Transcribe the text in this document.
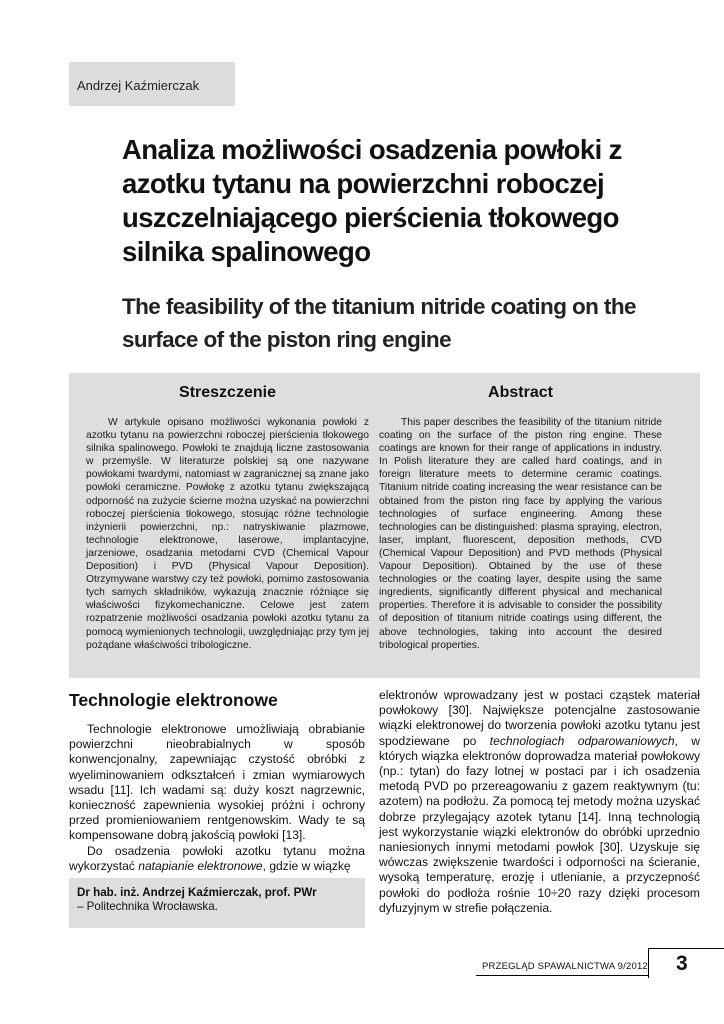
Andrzej Kaźmierczak
Analiza możliwości osadzenia powłoki z azotku tytanu na powierzchni roboczej uszczelniającego pierścienia tłokowego silnika spalinowego
The feasibility of the titanium nitride coating on the surface of the piston ring engine
Streszczenie

W artykule opisano możliwości wykonania powłoki z azotku tytanu na powierzchni roboczej pierścienia tłokowego silnika spalinowego. Powłoki te znajdują liczne zastosowania w przemyśle. W literaturze polskiej są one nazywane powłokami twardymi, natomiast w zagranicznej są znane jako powłoki ceramiczne. Powłokę z azotku tytanu zwiększającą odporność na zużycie ścierne można uzyskać na powierzchni roboczej pierścienia tłokowego, stosując różne technologie inżynierii powierzchni, np.: natryskiwanie plazmowe, technologie elektronowe, laserowe, implantacyjne, jarzeniowe, osadzania metodami CVD (Chemical Vapour Deposition) i PVD (Physical Vapour Deposition). Otrzymywane warstwy czy też powłoki, pomimo zastosowania tych samych składników, wykazują znacznie różniące się właściwości fizykomechaniczne. Celowe jest zatem rozpatrzenie możliwości osadzania powłoki azotku tytanu za pomocą wymienionych technologii, uwzględniając przy tym jej pożądane właściwości tribologiczne.

Abstract

This paper describes the feasibility of the titanium nitride coating on the surface of the piston ring engine. These coatings are known for their range of applications in industry. In Polish literature they are called hard coatings, and in foreign literature meets to determine ceramic coatings. Titanium nitride coating increasing the wear resistance can be obtained from the piston ring face by applying the various technologies of surface engineering. Among these technologies can be distinguished: plasma spraying, electron, laser, implant, fluorescent, deposition methods, CVD (Chemical Vapour Deposition) and PVD methods (Physical Vapour Deposition). Obtained by the use of these technologies or the coating layer, despite using the same ingredients, significantly different physical and mechanical properties. Therefore it is advisable to consider the possibility of deposition of titanium nitride coatings using different, the above technologies, taking into account the desired tribological properties.

Technologie elektronowe

Technologie elektronowe umożliwiają obrabianie powierzchni nieobrabialnych w sposób konwencjonalny, zapewniając czystość obróbki z wyeliminowaniem odkształceń i zmian wymiarowych wsadu [11]. Ich wadami są: duży koszt nagrzewnic, konieczność zapewnienia wysokiej próżni i ochrony przed promieniowaniem rentgenowskim. Wady te są kompensowane dobrą jakością powłoki [13].

Do osadzenia powłoki azotku tytanu można wykorzystać natapianie elektronowe, gdzie w wiązkę

elektronów wprowadzany jest w postaci cząstek materiał powłokowy [30]. Największe potencjalne zastosowanie wiązki elektronowej do tworzenia powłoki azotku tytanu jest spodziewane po technologiach odparowaniowych, w których wiązka elektronów doprowadza materiał powłokowy (np.: tytan) do fazy lotnej w postaci par i ich osadzenia metodą PVD po przereagowaniu z gazem reaktywnym (tu: azotem) na podłożu. Za pomocą tej metody można uzyskać dobrze przylegający azotek tytanu [14]. Inną technologią jest wykorzystanie wiązki elektronów do obróbki uprzednio naniesionych innymi metodami powłok [30]. Uzyskuje się wówczas zwiększenie twardości i odporności na ścieranie, wysoką temperaturę, erozję i utlenianie, a przyczepność powłoki do podłoża rośnie 10÷20 razy dzięki procesom dyfuzyjnym w strefie połączenia.

Dr hab. inż. Andrzej Kaźmierczak, prof. PWr
– Politechnika Wrocławska.
PRZEGLĄD SPAWALNICTWA 9/2012 3
